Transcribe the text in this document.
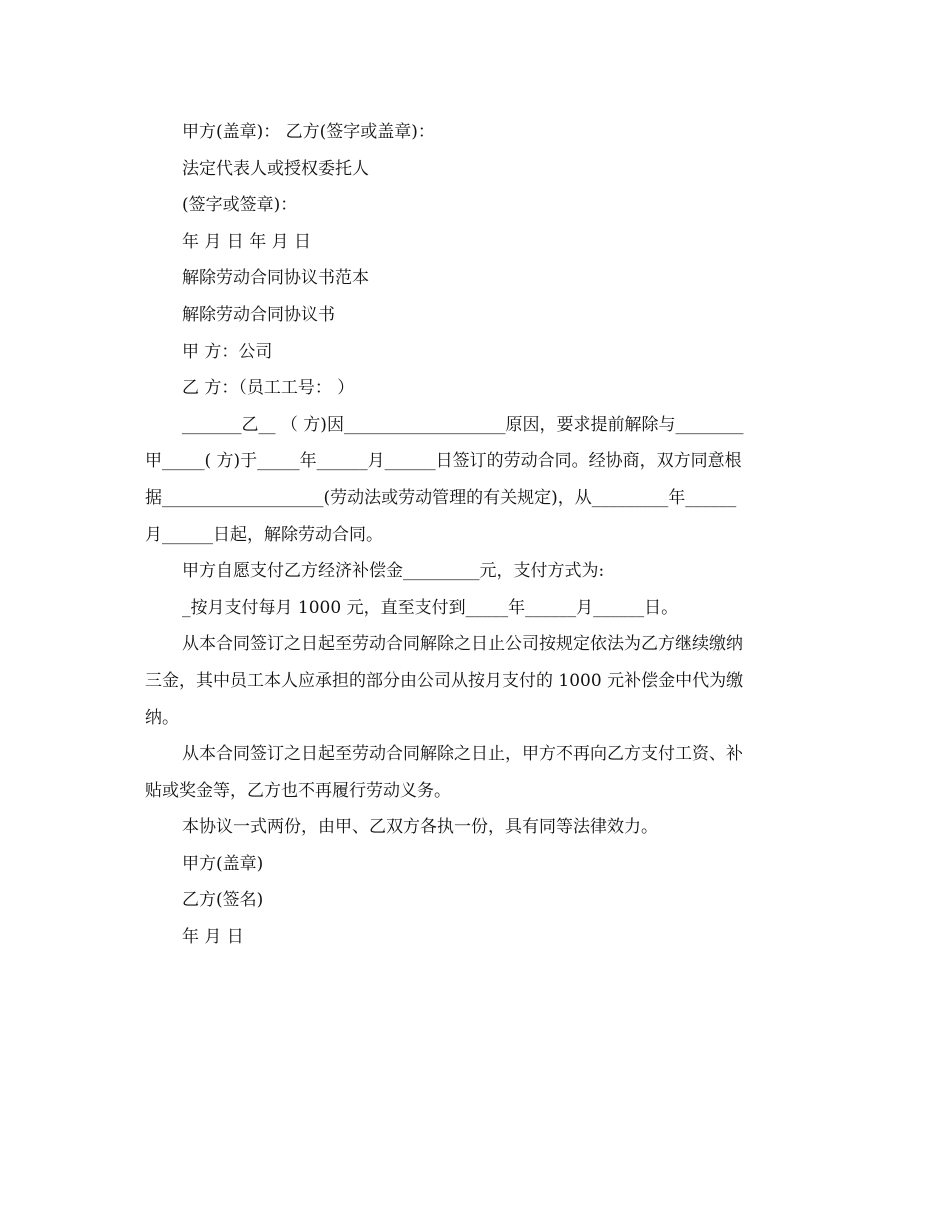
甲方(盖章)： 乙方(签字或盖章)：
法定代表人或授权委托人
(签字或签章)：
年 月 日 年 月 日
解除劳动合同协议书范本
解除劳动合同协议书
甲 方：公司
乙 方：（员工工号： ）
_______乙__ （ 方)因___________________原因，要求提前解除与________
甲_____( 方)于_____年______月______日签订的劳动合同。经协商，双方同意根
据___________________(劳动法或劳动管理的有关规定)，从_________年______
月______日起，解除劳动合同。
甲方自愿支付乙方经济补偿金_________元，支付方式为:
_按月支付每月 1000 元，直至支付到_____年______月______日。
从本合同签订之日起至劳动合同解除之日止公司按规定依法为乙方继续缴纳
三金，其中员工本人应承担的部分由公司从按月支付的 1000 元补偿金中代为缴
纳。
从本合同签订之日起至劳动合同解除之日止，甲方不再向乙方支付工资、补
贴或奖金等，乙方也不再履行劳动义务。
本协议一式两份，由甲、乙双方各执一份，具有同等法律效力。
甲方(盖章)
乙方(签名)
年 月 日
